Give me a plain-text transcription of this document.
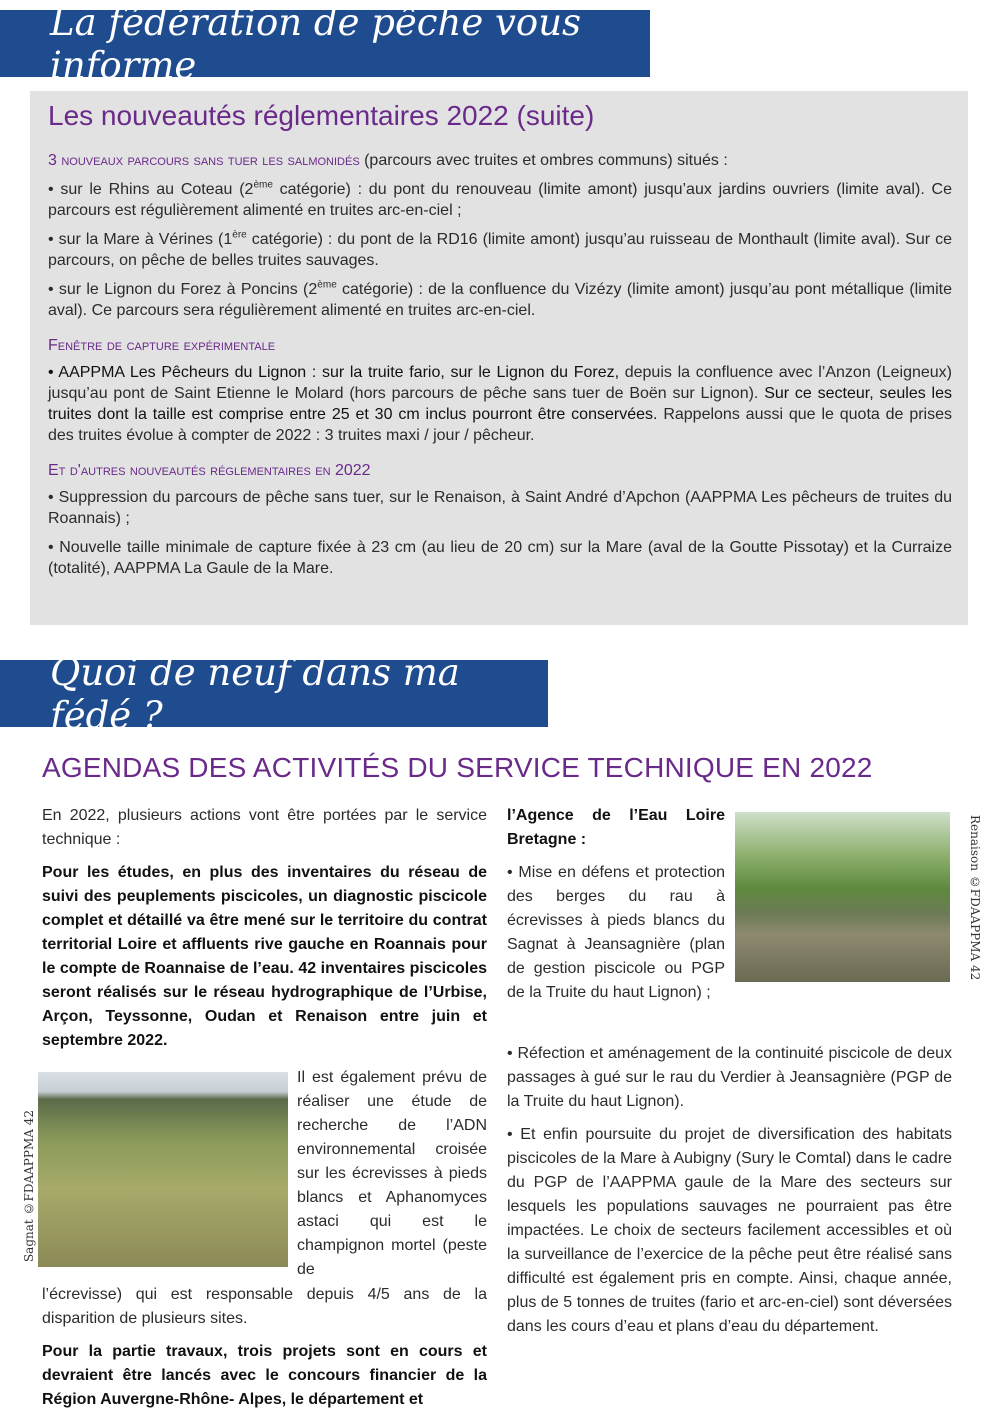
La fédération de pêche vous informe
Les nouveautés réglementaires 2022 (suite)

3 nouveaux parcours sans tuer les salmonidés (parcours avec truites et ombres communs) situés :

• sur le Rhins au Coteau (2ème catégorie) : du pont du renouveau (limite amont) jusqu’aux jardins ouvriers (limite aval). Ce parcours est régulièrement alimenté en truites arc-en-ciel ;

• sur la Mare à Vérines (1ère catégorie) : du pont de la RD16 (limite amont) jusqu’au ruisseau de Monthault (limite aval). Sur ce parcours, on pêche de belles truites sauvages.

• sur le Lignon du Forez à Poncins (2ème catégorie) : de la confluence du Vizézy (limite amont) jusqu’au pont métallique (limite aval). Ce parcours sera régulièrement alimenté en truites arc-en-ciel.

Fenêtre de capture expérimentale

• AAPPMA Les Pêcheurs du Lignon : sur la truite fario, sur le Lignon du Forez, depuis la confluence avec l’Anzon (Leigneux) jusqu’au pont de Saint Etienne le Molard (hors parcours de pêche sans tuer de Boën sur Lignon). Sur ce secteur, seules les truites dont la taille est comprise entre 25 et 30 cm inclus pourront être conservées. Rappelons aussi que le quota de prises des truites évolue à compter de 2022 : 3 truites maxi / jour / pêcheur.

Et d'autres nouveautés réglementaires en 2022

• Suppression du parcours de pêche sans tuer, sur le Renaison, à Saint André d’Apchon (AAPPMA Les pêcheurs de truites du Roannais) ;

• Nouvelle taille minimale de capture fixée à 23 cm (au lieu de 20 cm) sur la Mare (aval de la Goutte Pissotay) et la Curraize (totalité), AAPPMA La Gaule de la Mare.

Quoi de neuf dans ma fédé ?
AGENDAS DES ACTIVITÉS DU SERVICE TECHNIQUE EN 2022

En 2022, plusieurs actions vont être portées par le service technique :

Pour les études, en plus des inventaires du réseau de suivi des peuplements piscicoles, un diagnostic piscicole complet et détaillé va être mené sur le territoire du contrat territorial Loire et affluents rive gauche en Roannais pour le compte de Roannaise de l’eau. 42 inventaires piscicoles seront réalisés sur le réseau hydrographique de l’Urbise, Arçon, Teyssonne, Oudan et Renaison entre juin et septembre 2022.

Sagnat ©FDAAPPMA 42
Il est également prévu de réaliser une étude de recherche de l’ADN environnemental croisée sur les écrevisses à pieds blancs et Aphanomyces astaci qui est le champignon mortel (peste de

l’écrevisse) qui est responsable depuis 4/5 ans de la disparition de plusieurs sites.

Pour la partie travaux, trois projets sont en cours et devraient être lancés avec le concours financier de la Région Auvergne-Rhône- Alpes, le département et

l’Agence de l’Eau Loire Bretagne :

• Mise en défens et protection des berges du rau à écrevisses à pieds blancs du Sagnat à Jeansagnière (plan de gestion piscicole ou PGP de la Truite du haut Lignon) ;

Renaison ©FDAAPPMA 42

• Réfection et aménagement de la continuité piscicole de deux passages à gué sur le rau du Verdier à Jeansagnière (PGP de la Truite du haut Lignon).

• Et enfin poursuite du projet de diversification des habitats piscicoles de la Mare à Aubigny (Sury le Comtal) dans le cadre du PGP de l’AAPPMA gaule de la Mare des secteurs sur lesquels les populations sauvages ne pourraient pas être impactées. Le choix de secteurs facilement accessibles et où la surveillance de l’exercice de la pêche peut être réalisé sans difficulté est également pris en compte. Ainsi, chaque année, plus de 5 tonnes de truites (fario et arc-en-ciel) sont déversées dans les cours d’eau et plans d’eau du département.
